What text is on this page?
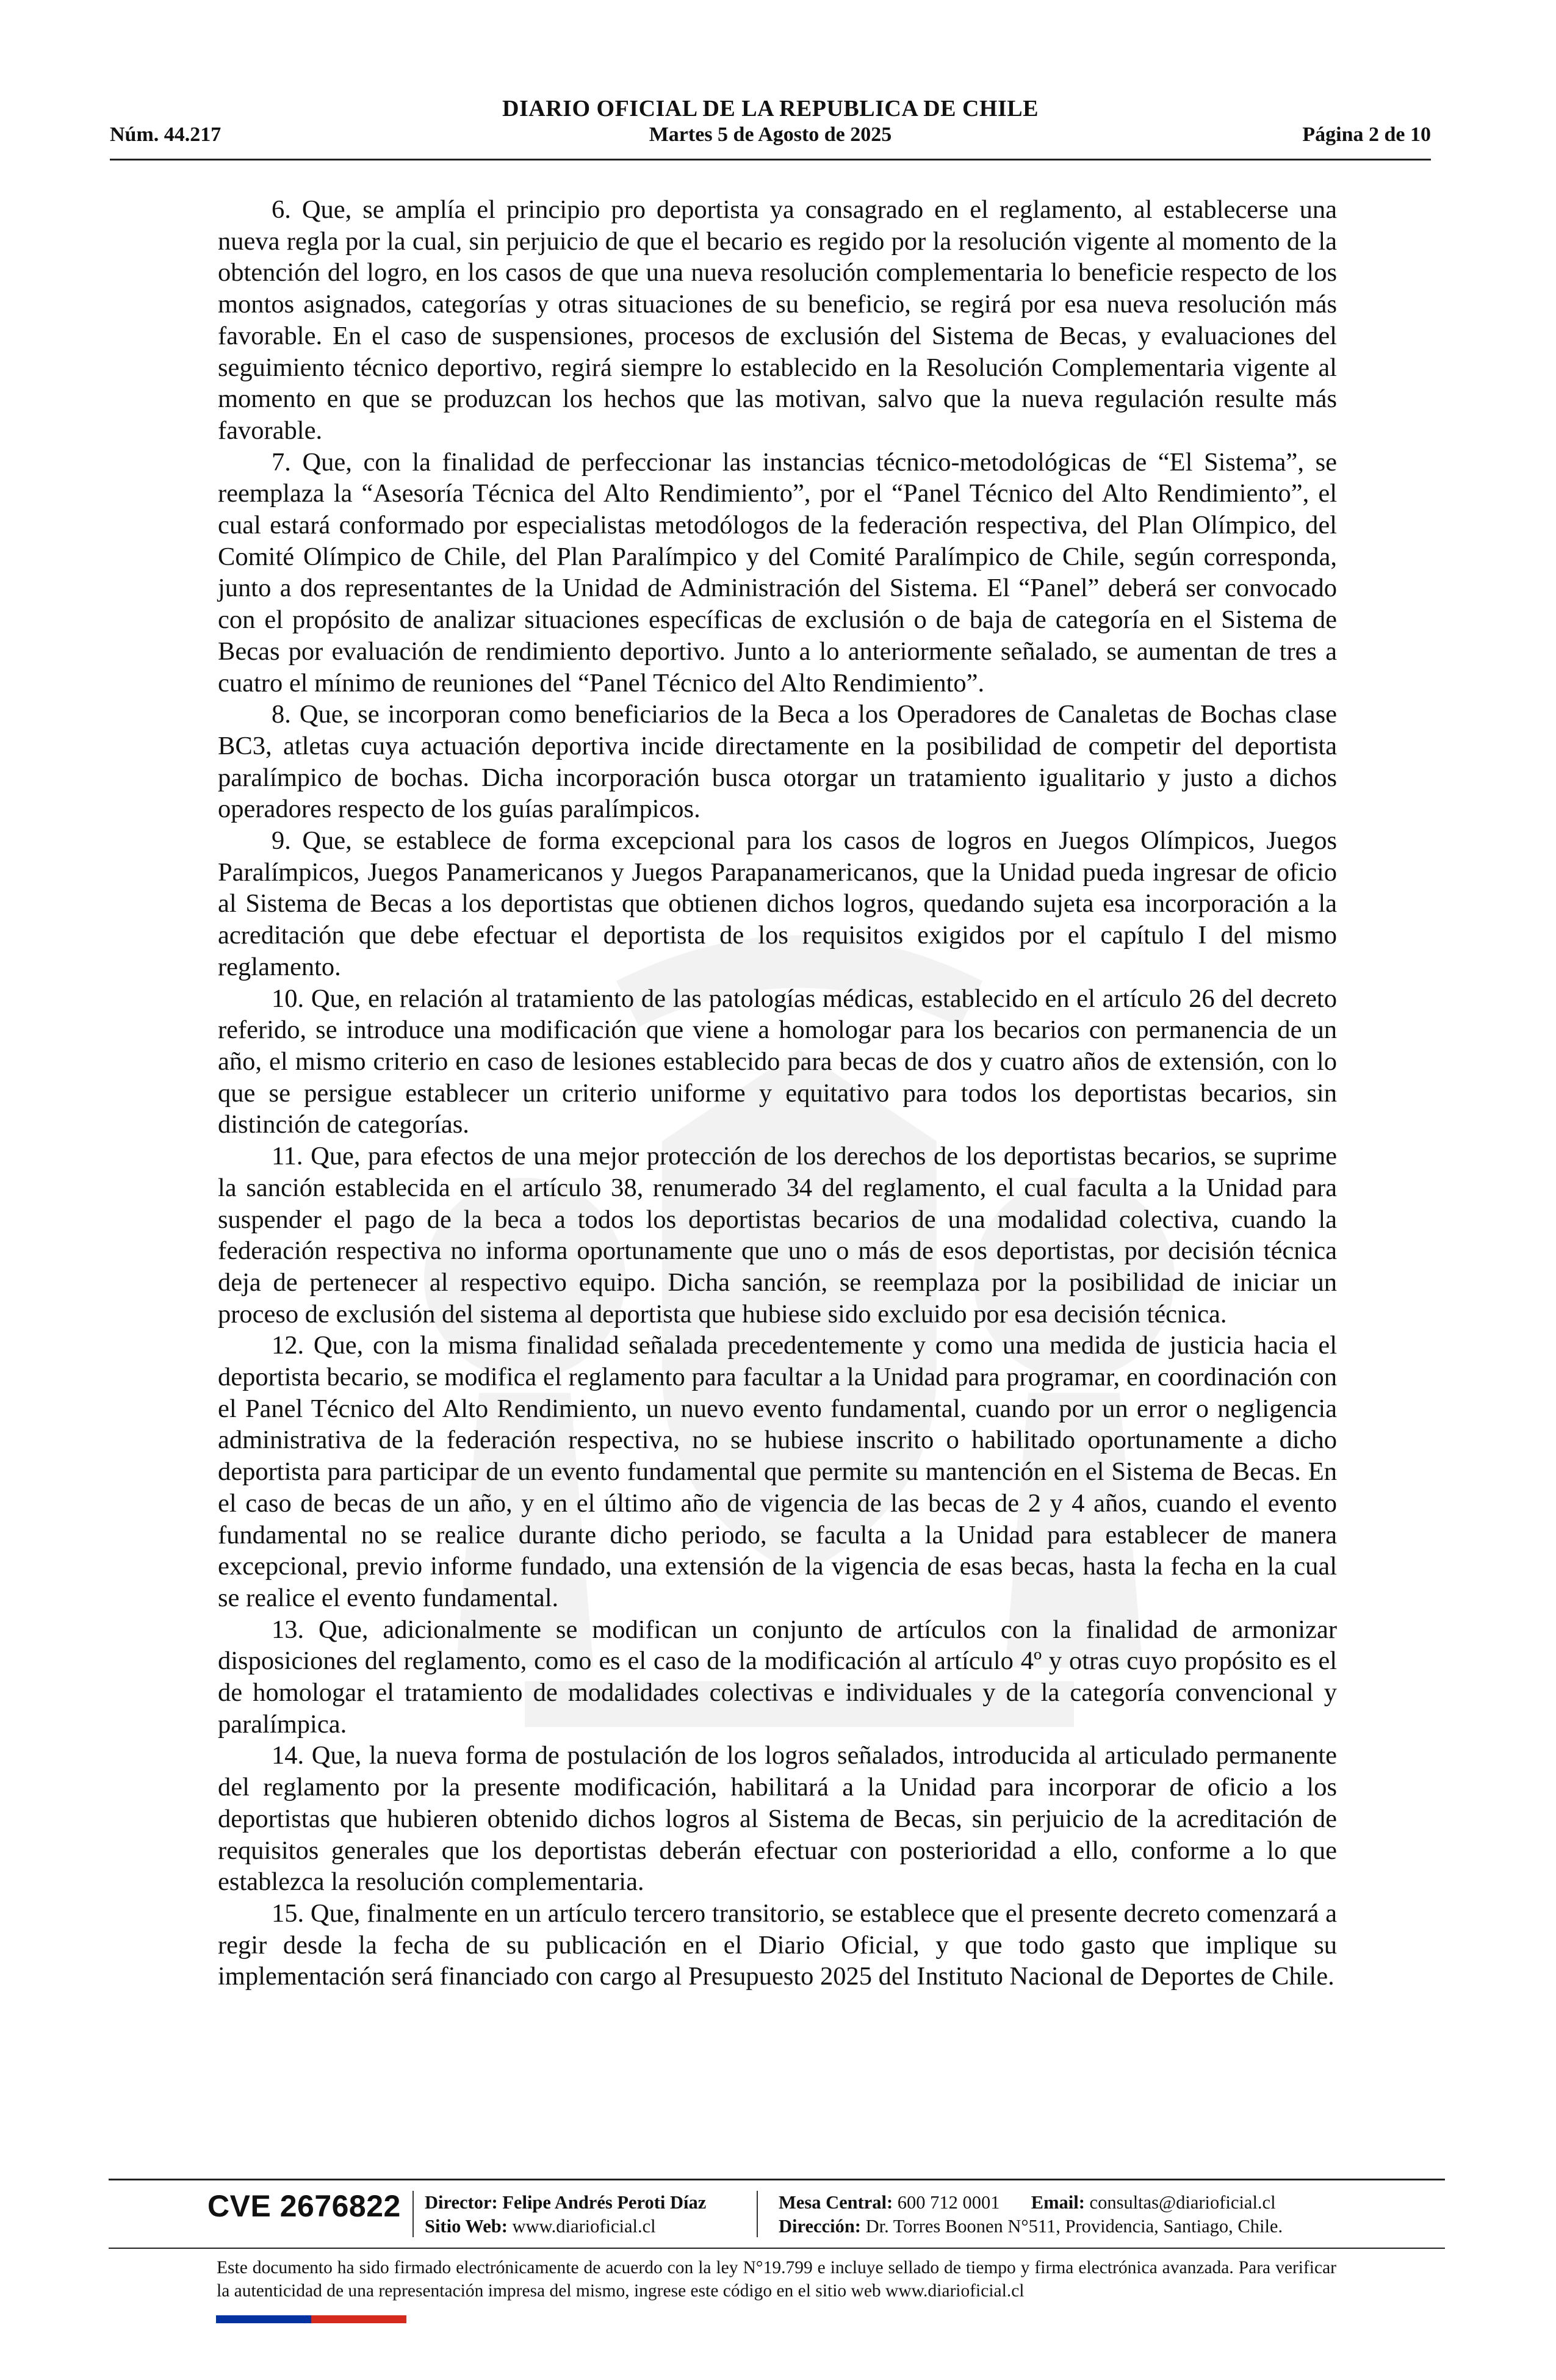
DIARIO OFICIAL DE LA REPUBLICA DE CHILE
Núm. 44.217	Martes 5 de Agosto de 2025	Página 2 de 10

6. Que, se amplía el principio pro deportista ya consagrado en el reglamento, al establecerse una nueva regla por la cual, sin perjuicio de que el becario es regido por la resolución vigente al momento de la obtención del logro, en los casos de que una nueva resolución complementaria lo beneficie respecto de los montos asignados, categorías y otras situaciones de su beneficio, se regirá por esa nueva resolución más favorable. En el caso de suspensiones, procesos de exclusión del Sistema de Becas, y evaluaciones del seguimiento técnico deportivo, regirá siempre lo establecido en la Resolución Complementaria vigente al momento en que se produzcan los hechos que las motivan, salvo que la nueva regulación resulte más favorable.

7. Que, con la finalidad de perfeccionar las instancias técnico-metodológicas de “El Sistema”, se reemplaza la “Asesoría Técnica del Alto Rendimiento”, por el “Panel Técnico del Alto Rendimiento”, el cual estará conformado por especialistas metodólogos de la federación respectiva, del Plan Olímpico, del Comité Olímpico de Chile, del Plan Paralímpico y del Comité Paralímpico de Chile, según corresponda, junto a dos representantes de la Unidad de Administración del Sistema. El “Panel” deberá ser convocado con el propósito de analizar situaciones específicas de exclusión o de baja de categoría en el Sistema de Becas por evaluación de rendimiento deportivo. Junto a lo anteriormente señalado, se aumentan de tres a cuatro el mínimo de reuniones del “Panel Técnico del Alto Rendimiento”.

8. Que, se incorporan como beneficiarios de la Beca a los Operadores de Canaletas de Bochas clase BC3, atletas cuya actuación deportiva incide directamente en la posibilidad de competir del deportista paralímpico de bochas. Dicha incorporación busca otorgar un tratamiento igualitario y justo a dichos operadores respecto de los guías paralímpicos.

9. Que, se establece de forma excepcional para los casos de logros en Juegos Olímpicos, Juegos Paralímpicos, Juegos Panamericanos y Juegos Parapanamericanos, que la Unidad pueda ingresar de oficio al Sistema de Becas a los deportistas que obtienen dichos logros, quedando sujeta esa incorporación a la acreditación que debe efectuar el deportista de los requisitos exigidos por el capítulo I del mismo reglamento.

10. Que, en relación al tratamiento de las patologías médicas, establecido en el artículo 26 del decreto referido, se introduce una modificación que viene a homologar para los becarios con permanencia de un año, el mismo criterio en caso de lesiones establecido para becas de dos y cuatro años de extensión, con lo que se persigue establecer un criterio uniforme y equitativo para todos los deportistas becarios, sin distinción de categorías.

11. Que, para efectos de una mejor protección de los derechos de los deportistas becarios, se suprime la sanción establecida en el artículo 38, renumerado 34 del reglamento, el cual faculta a la Unidad para suspender el pago de la beca a todos los deportistas becarios de una modalidad colectiva, cuando la federación respectiva no informa oportunamente que uno o más de esos deportistas, por decisión técnica deja de pertenecer al respectivo equipo. Dicha sanción, se reemplaza por la posibilidad de iniciar un proceso de exclusión del sistema al deportista que hubiese sido excluido por esa decisión técnica.

12. Que, con la misma finalidad señalada precedentemente y como una medida de justicia hacia el deportista becario, se modifica el reglamento para facultar a la Unidad para programar, en coordinación con el Panel Técnico del Alto Rendimiento, un nuevo evento fundamental, cuando por un error o negligencia administrativa de la federación respectiva, no se hubiese inscrito o habilitado oportunamente a dicho deportista para participar de un evento fundamental que permite su mantención en el Sistema de Becas. En el caso de becas de un año, y en el último año de vigencia de las becas de 2 y 4 años, cuando el evento fundamental no se realice durante dicho periodo, se faculta a la Unidad para establecer de manera excepcional, previo informe fundado, una extensión de la vigencia de esas becas, hasta la fecha en la cual se realice el evento fundamental.

13. Que, adicionalmente se modifican un conjunto de artículos con la finalidad de armonizar disposiciones del reglamento, como es el caso de la modificación al artículo 4º y otras cuyo propósito es el de homologar el tratamiento de modalidades colectivas e individuales y de la categoría convencional y paralímpica.

14. Que, la nueva forma de postulación de los logros señalados, introducida al articulado permanente del reglamento por la presente modificación, habilitará a la Unidad para incorporar de oficio a los deportistas que hubieren obtenido dichos logros al Sistema de Becas, sin perjuicio de la acreditación de requisitos generales que los deportistas deberán efectuar con posterioridad a ello, conforme a lo que establezca la resolución complementaria.

15. Que, finalmente en un artículo tercero transitorio, se establece que el presente decreto comenzará a regir desde la fecha de su publicación en el Diario Oficial, y que todo gasto que implique su implementación será financiado con cargo al Presupuesto 2025 del Instituto Nacional de Deportes de Chile.

CVE 2676822 Director: Felipe Andrés Peroti Díaz
Sitio Web: www.diarioficial.cl
Mesa Central: 600 712 0001 Email: consultas@diarioficial.cl
Dirección: Dr. Torres Boonen N°511, Providencia, Santiago, Chile.
Este documento ha sido firmado electrónicamente de acuerdo con la ley N°19.799 e incluye sellado de tiempo y firma electrónica avanzada. Para verificar la autenticidad de una representación impresa del mismo, ingrese este código en el sitio web www.diarioficial.cl
